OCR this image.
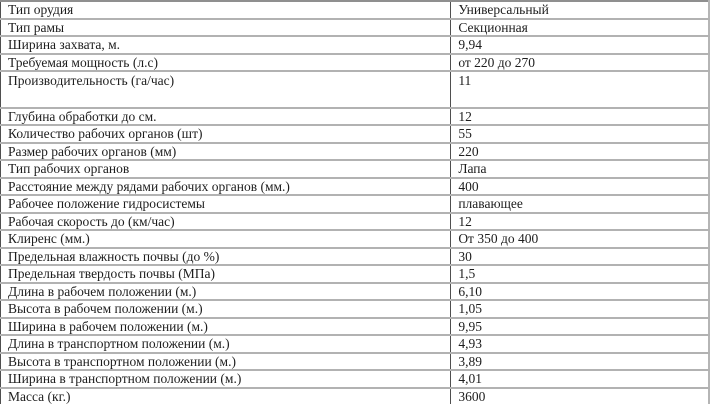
Тип орудия	Универсальный
Тип рамы	Секционная
Ширина захвата, м.	9,94
Требуемая мощность (л.с)	от 220 до 270
Производительность (га/час)	11
Глубина обработки до см.	12
Количество рабочих органов (шт)	55
Размер рабочих органов (мм)	220
Тип рабочих органов	Лапа
Расстояние между рядами рабочих органов (мм.)	400
Рабочее положение гидросистемы	плавающее
Рабочая скорость до (км/час)	12
Клиренс (мм.)	От 350 до 400
Предельная влажность почвы (до %)	30
Предельная твердость почвы (МПа)	1,5
Длина в рабочем положении (м.)	6,10
Высота в рабочем положении (м.)	1,05
Ширина в рабочем положении (м.)	9,95
Длина в транспортном положении (м.)	4,93
Высота в транспортном положении (м.)	3,89
Ширина в транспортном положении (м.)	4,01
Масса (кг.)	3600
